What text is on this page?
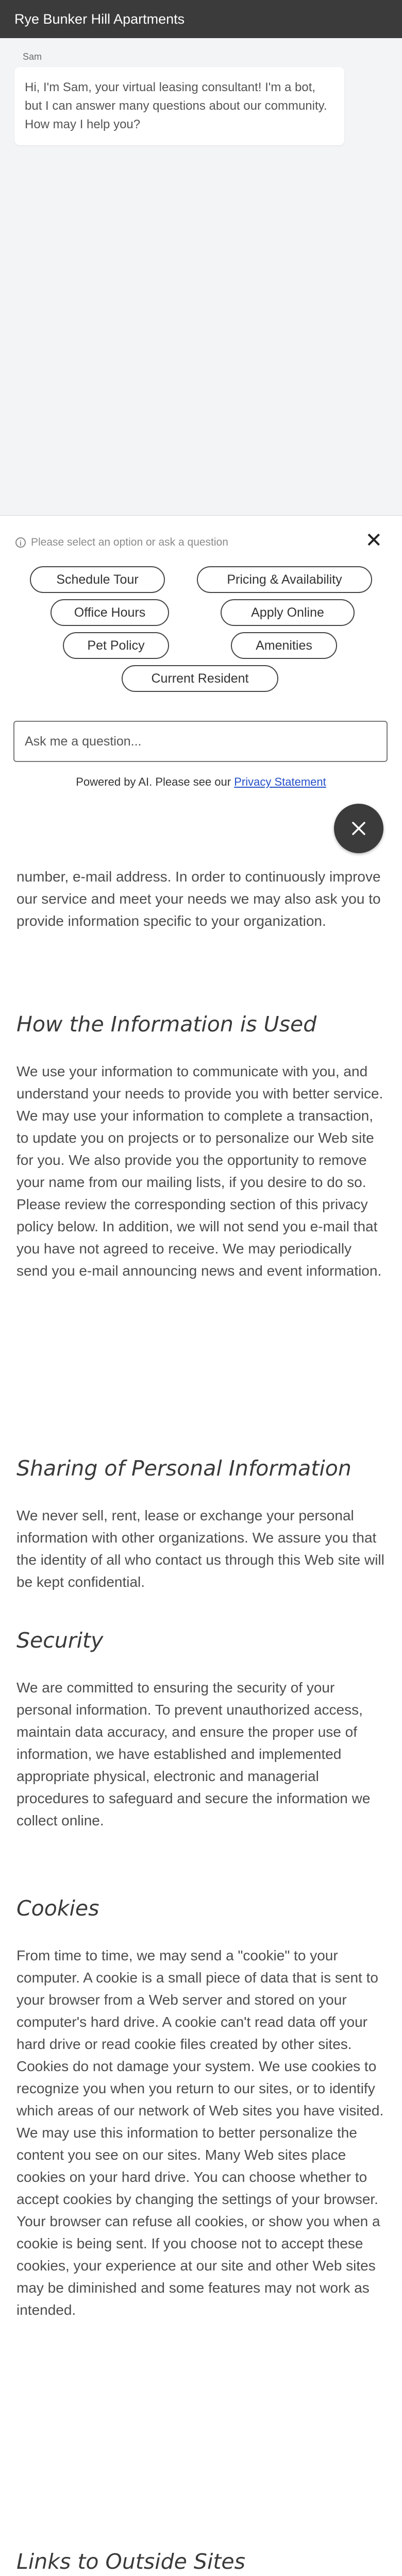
Rye Bunker Hill Apartments
Sam
Hi, I'm Sam, your virtual leasing consultant! I'm a bot, but I can answer many questions about our community. How may I help you?
i Please select an option or ask a question	✕
Schedule Tour	Pricing & Availability
Office Hours	Apply Online
Pet Policy	Amenities
Current Resident
Ask me a question...
Powered by AI. Please see our Privacy Statement

number, e-mail address. In order to continuously improve our service and meet your needs we may also ask you to provide information specific to your organization.

How the Information is Used

We use your information to communicate with you, and understand your needs to provide you with better service. We may use your information to complete a transaction, to update you on projects or to personalize our Web site for you. We also provide you the opportunity to remove your name from our mailing lists, if you desire to do so. Please review the corresponding section of this privacy policy below. In addition, we will not send you e-mail that you have not agreed to receive. We may periodically send you e-mail announcing news and event information.

Sharing of Personal Information

We never sell, rent, lease or exchange your personal information with other organizations. We assure you that the identity of all who contact us through this Web site will be kept confidential.

Security

We are committed to ensuring the security of your personal information. To prevent unauthorized access, maintain data accuracy, and ensure the proper use of information, we have established and implemented appropriate physical, electronic and managerial procedures to safeguard and secure the information we collect online.

Cookies

From time to time, we may send a "cookie" to your computer. A cookie is a small piece of data that is sent to your browser from a Web server and stored on your computer's hard drive. A cookie can't read data off your hard drive or read cookie files created by other sites. Cookies do not damage your system. We use cookies to recognize you when you return to our sites, or to identify which areas of our network of Web sites you have visited. We may use this information to better personalize the content you see on our sites. Many Web sites place cookies on your hard drive. You can choose whether to accept cookies by changing the settings of your browser. Your browser can refuse all cookies, or show you when a cookie is being sent. If you choose not to accept these cookies, your experience at our site and other Web sites may be diminished and some features may not work as intended.

Links to Outside Sites
